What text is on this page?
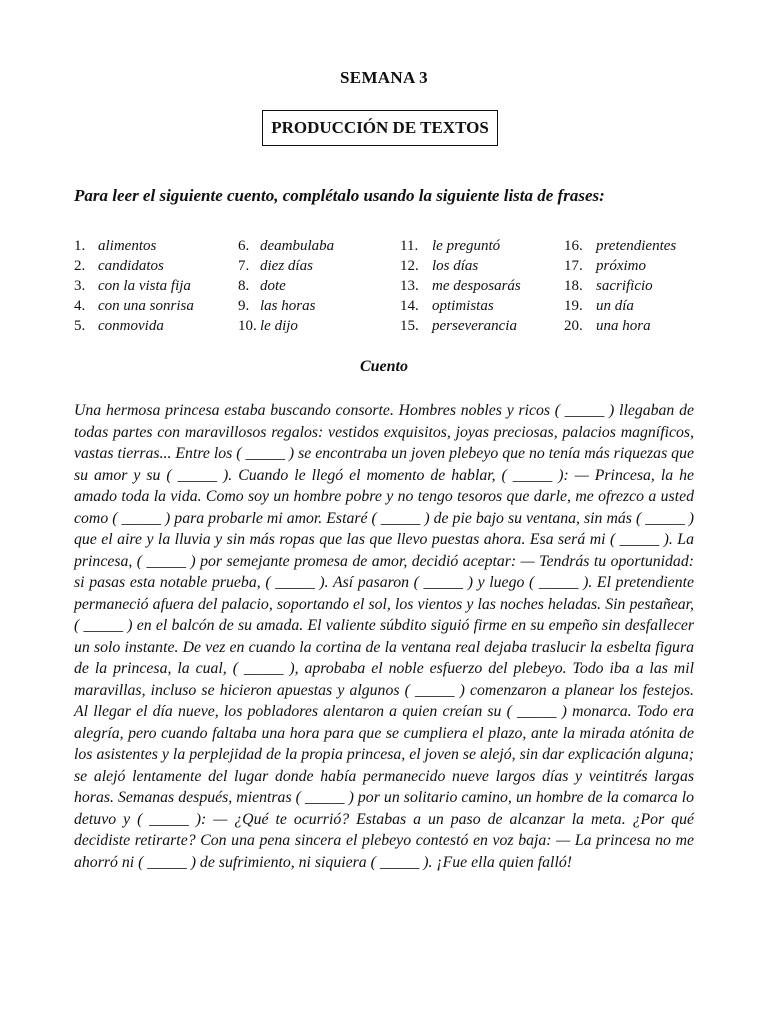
SEMANA 3
PRODUCCIÓN DE TEXTOS
Para leer el siguiente cuento, complétalo usando la siguiente lista de frases:
1. alimentos	6. deambulaba	11. le preguntó	16. pretendientes
2. candidatos	7. diez días	12. los días	17. próximo
3. con la vista fija	8. dote	13. me desposarás	18. sacrificio
4. con una sonrisa	9. las horas	14. optimistas	19. un día
5. conmovida	10. le dijo	15. perseverancia	20. una hora
Cuento

Una hermosa princesa estaba buscando consorte. Hombres nobles y ricos ( _____ ) llegaban de todas partes con maravillosos regalos: vestidos exquisitos, joyas preciosas, palacios magníficos, vastas tierras... Entre los ( _____ ) se encontraba un joven plebeyo que no tenía más riquezas que su amor y su ( _____ ). Cuando le llegó el momento de hablar, ( _____ ): — Princesa, la he amado toda la vida. Como soy un hombre pobre y no tengo tesoros que darle, me ofrezco a usted como ( _____ ) para probarle mi amor. Estaré ( _____ ) de pie bajo su ventana, sin más ( _____ ) que el aire y la lluvia y sin más ropas que las que llevo puestas ahora. Esa será mi ( _____ ). La princesa, ( _____ ) por semejante promesa de amor, decidió aceptar: — Tendrás tu oportunidad: si pasas esta notable prueba, ( _____ ). Así pasaron ( _____ ) y luego ( _____ ). El pretendiente permaneció afuera del palacio, soportando el sol, los vientos y las noches heladas. Sin pestañear, ( _____ ) en el balcón de su amada. El valiente súbdito siguió firme en su empeño sin desfallecer un solo instante. De vez en cuando la cortina de la ventana real dejaba traslucir la esbelta figura de la princesa, la cual, ( _____ ), aprobaba el noble esfuerzo del plebeyo. Todo iba a las mil maravillas, incluso se hicieron apuestas y algunos ( _____ ) comenzaron a planear los festejos. Al llegar el día nueve, los pobladores alentaron a quien creían su ( _____ ) monarca. Todo era alegría, pero cuando faltaba una hora para que se cumpliera el plazo, ante la mirada atónita de los asistentes y la perplejidad de la propia princesa, el joven se alejó, sin dar explicación alguna; se alejó lentamente del lugar donde había permanecido nueve largos días y veintitrés largas horas. Semanas después, mientras ( _____ ) por un solitario camino, un hombre de la comarca lo detuvo y ( _____ ): — ¿Qué te ocurrió? Estabas a un paso de alcanzar la meta. ¿Por qué decidiste retirarte? Con una pena sincera el plebeyo contestó en voz baja: — La princesa no me ahorró ni ( _____ ) de sufrimiento, ni siquiera ( _____ ). ¡Fue ella quien falló!
